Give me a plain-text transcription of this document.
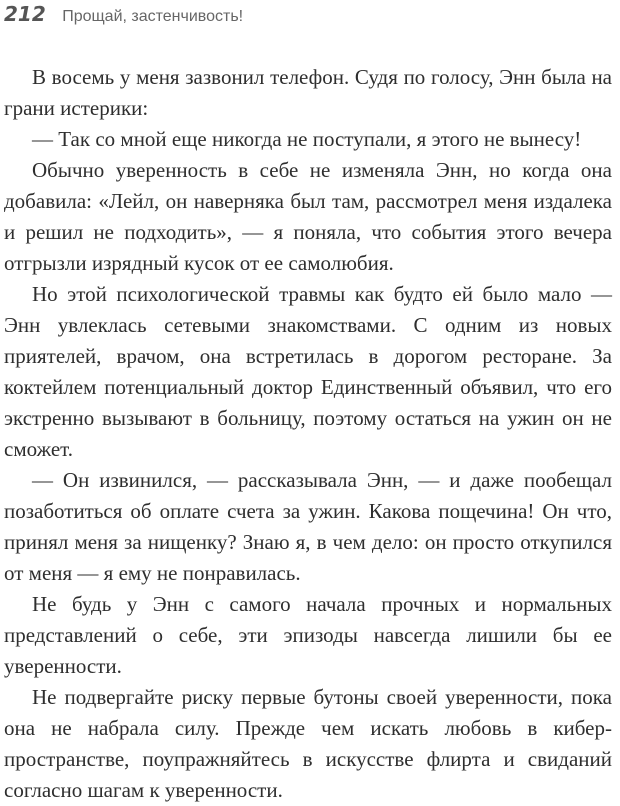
212 Прощай, застенчивость!

В восемь у меня зазвонил телефон. Судя по голосу, Энн была на грани истерики:

— Так со мной еще никогда не поступали, я этого не вынесу!

Обычно уверенность в себе не изменяла Энн, но когда она добавила: «Лейл, он наверняка был там, рассмотрел меня издалека и решил не подходить», — я поняла, что события этого вечера отгрызли изрядный кусок от ее самолюбия.

Но этой психологической травмы как будто ей было мало — Энн увлеклась сетевыми знакомствами. С одним из новых приятелей, врачом, она встретилась в дорогом ресторане. За коктейлем потенциальный доктор Единственный объявил, что его экстренно вызывают в больницу, поэтому остаться на ужин он не сможет.

— Он извинился, — рассказывала Энн, — и даже пообещал позаботиться об оплате счета за ужин. Какова пощечина! Он что, принял меня за нищенку? Знаю я, в чем дело: он просто откупился от меня — я ему не понравилась.

Не будь у Энн с самого начала прочных и нормальных представлений о себе, эти эпизоды навсегда лишили бы ее уверенности.

Не подвергайте риску первые бутоны своей уверенности, пока она не набрала силу. Прежде чем искать любовь в киберпространстве, поупражняйтесь в искусстве флирта и свиданий согласно шагам к уверенности.
